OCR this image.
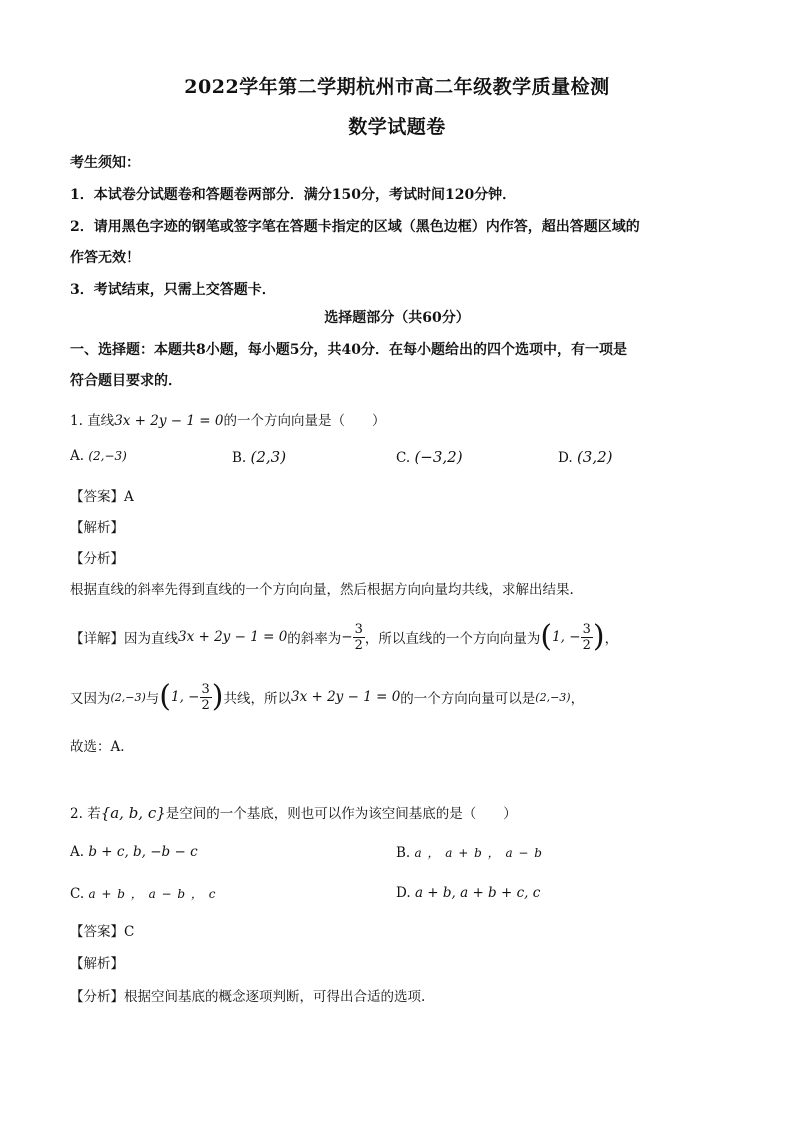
2022学年第二学期杭州市高二年级教学质量检测
数学试题卷
考生须知：
1．本试卷分试题卷和答题卷两部分．满分150分，考试时间120分钟．
2．请用黑色字迹的钢笔或签字笔在答题卡指定的区域（黑色边框）内作答，超出答题区域的
作答无效！
3．考试结束，只需上交答题卡．
选择题部分（共60分）
一、选择题：本题共8小题，每小题5分，共40分．在每小题给出的四个选项中，有一项是
符合题目要求的．
1. 直线3x + 2y − 1 = 0的一个方向向量是（　　）
A. (2,−3)	B. (2,3)	C. (−3,2)	D. (3,2)
【答案】A
【解析】
【分析】
根据直线的斜率先得到直线的一个方向向量，然后根据方向向量均共线，求解出结果.
【详解】 因为直线 3x + 2y − 1 = 0 的斜率为 − $\frac{3}{2}$ ，所以直线的一个方向向量为 ( 1, − $\frac{3}{2}$ ) ，
又因为 (2,−3) 与 ( 1, − $\frac{3}{2}$ ) 共线，所以 3x + 2y − 1 = 0 的一个方向向量可以是 (2,−3) ，
故选：A.
2. 若{a, b, c}是空间的一个基底，则也可以作为该空间基底的是（　　）
A. b + c, b, −b − c	B. a ， a + b ， a − b
C. a + b ， a − b ， c	D. a + b, a + b + c, c
【答案】C
【解析】
【分析】根据空间基底的概念逐项判断，可得出合适的选项.
